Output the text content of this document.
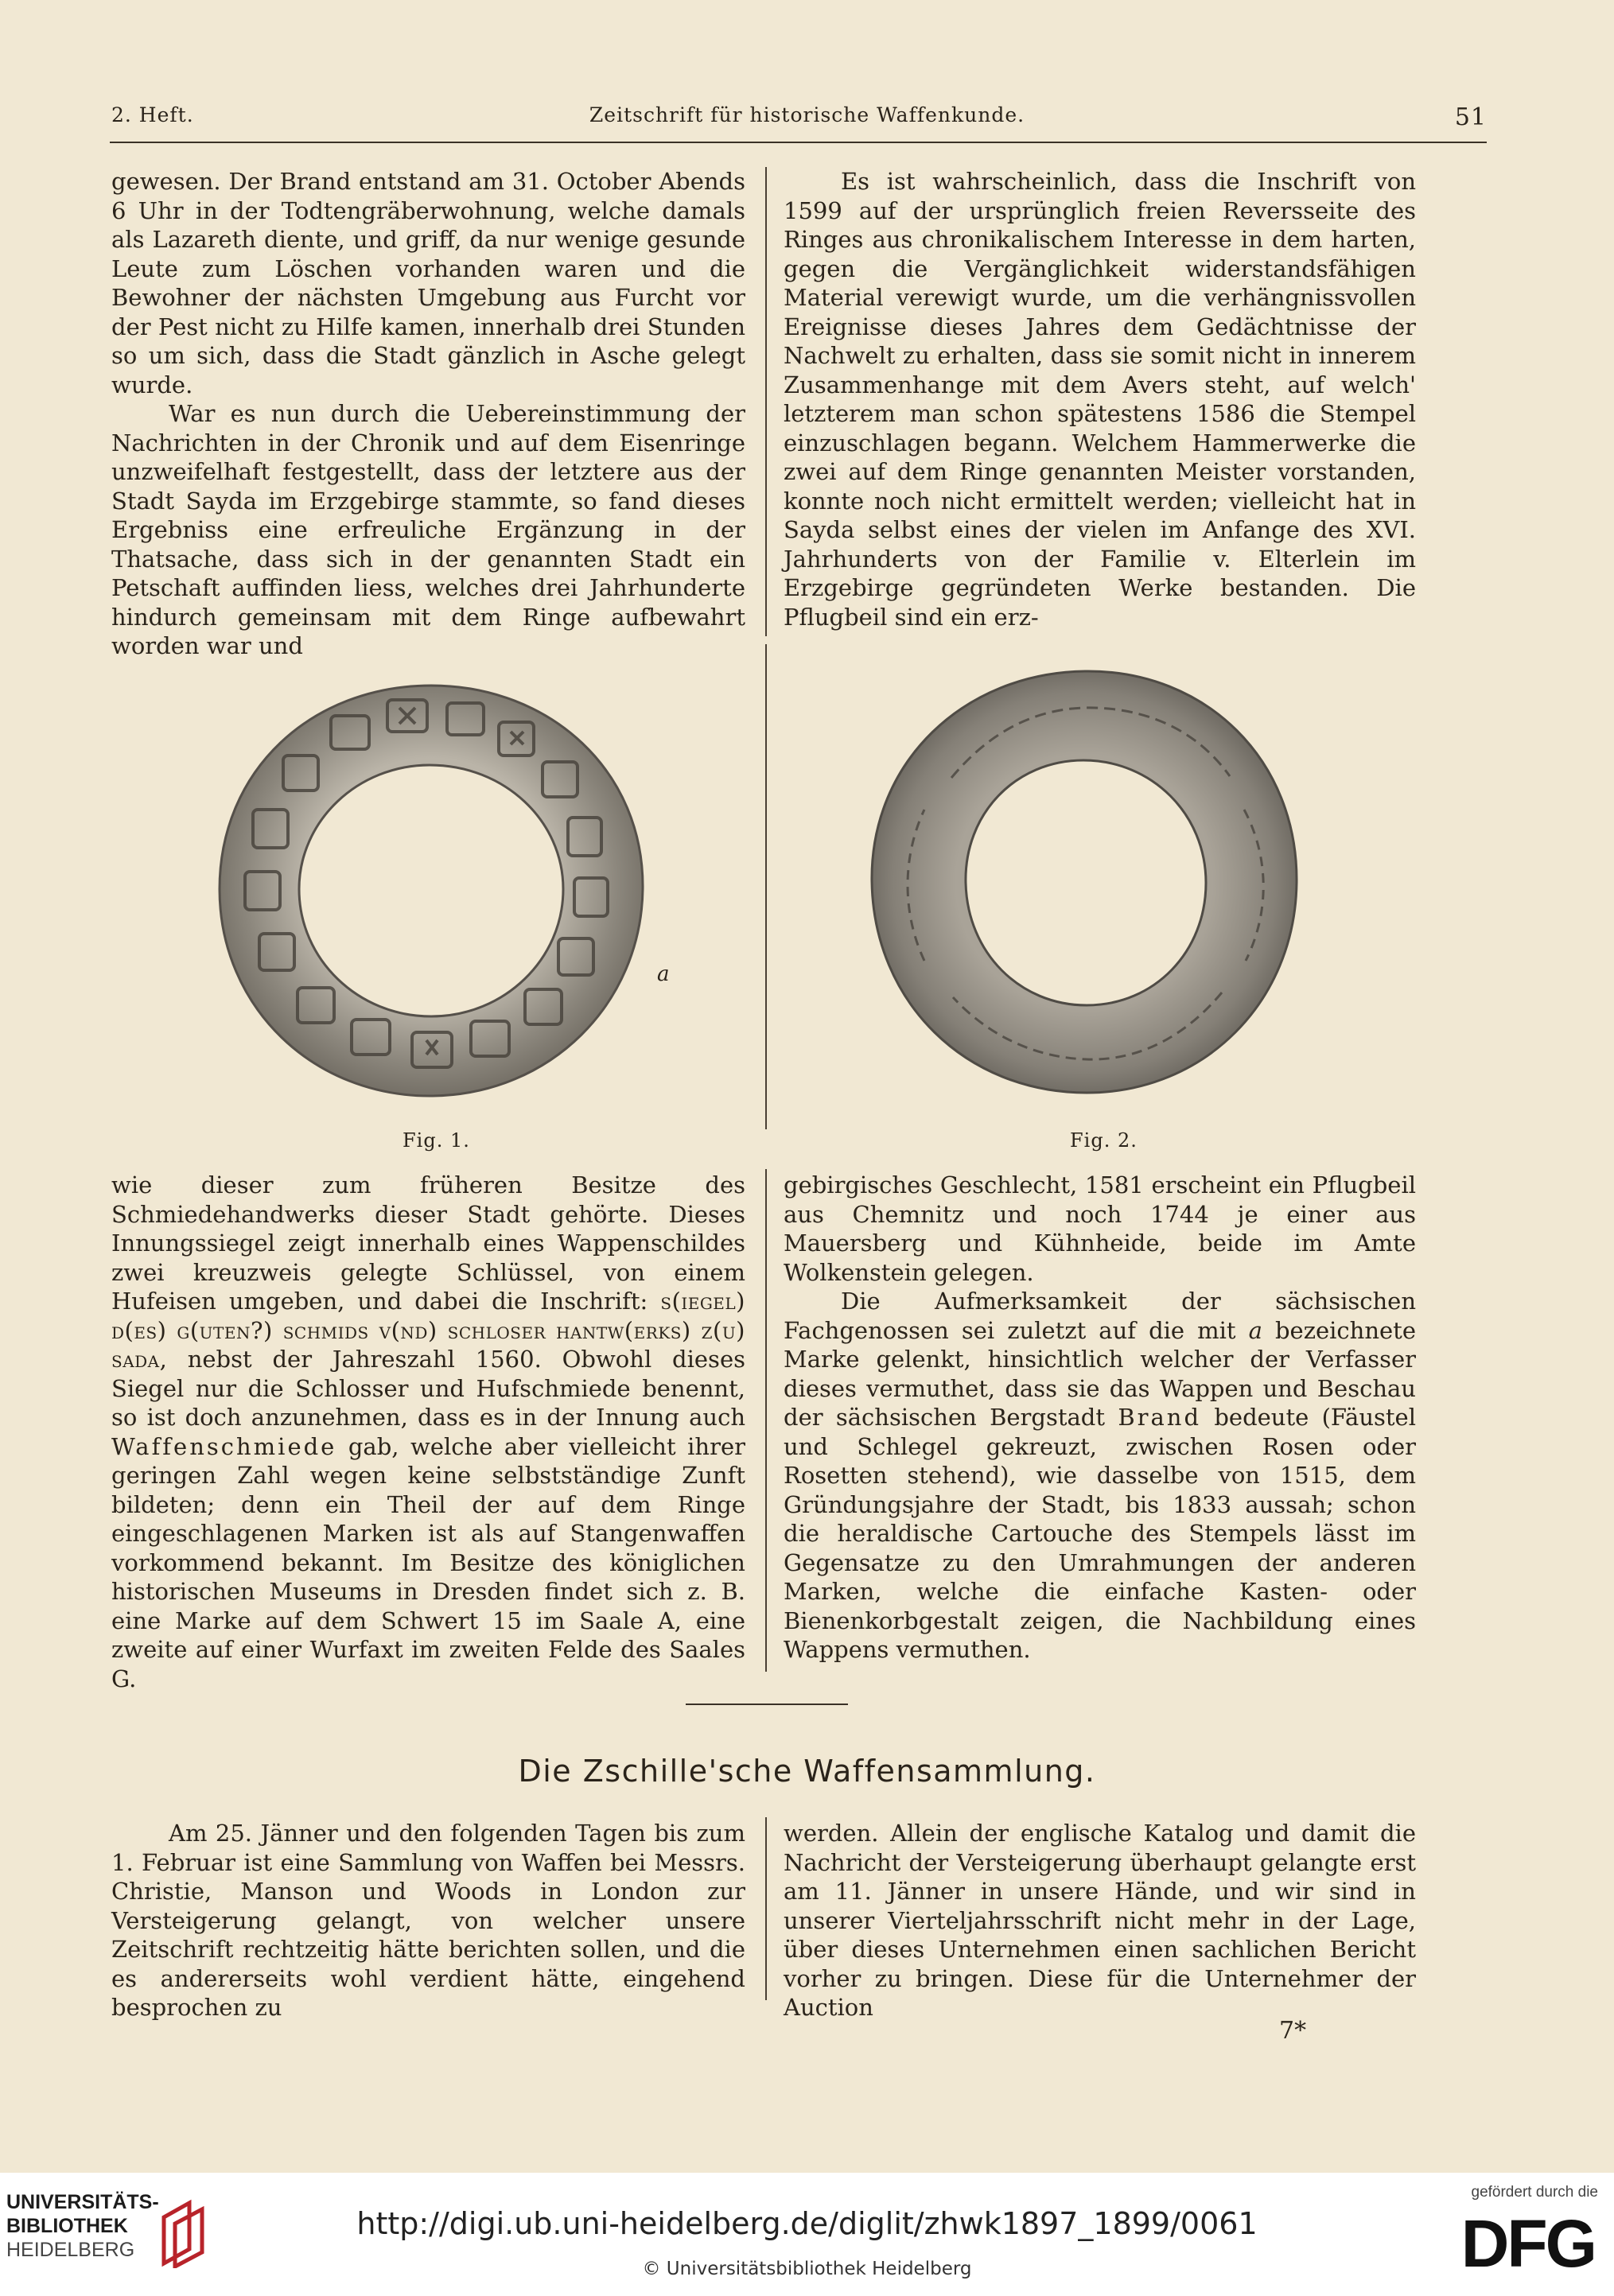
2. Heft.	Zeitschrift für historische Waffenkunde.	51

gewesen. Der Brand entstand am 31. October Abends 6 Uhr in der Todtengräberwohnung, welche damals als Lazareth diente, und griff, da nur wenige gesunde Leute zum Löschen vorhanden waren und die Bewohner der nächsten Umgebung aus Furcht vor der Pest nicht zu Hilfe kamen, innerhalb drei Stunden so um sich, dass die Stadt gänzlich in Asche gelegt wurde.

War es nun durch die Uebereinstimmung der Nachrichten in der Chronik und auf dem Eisenringe unzweifelhaft festgestellt, dass der letztere aus der Stadt Sayda im Erzgebirge stammte, so fand dieses Ergebniss eine erfreuliche Ergänzung in der Thatsache, dass sich in der genannten Stadt ein Petschaft auffinden liess, welches drei Jahrhunderte hindurch gemeinsam mit dem Ringe aufbewahrt worden war und

Es ist wahrscheinlich, dass die Inschrift von 1599 auf der ursprünglich freien Reversseite des Ringes aus chronikalischem Interesse in dem harten, gegen die Vergänglichkeit widerstandsfähigen Material verewigt wurde, um die verhängnissvollen Ereignisse dieses Jahres dem Gedächtnisse der Nachwelt zu erhalten, dass sie somit nicht in innerem Zusammenhange mit dem Avers steht, auf welch' letzterem man schon spätestens 1586 die Stempel einzuschlagen begann. Welchem Hammerwerke die zwei auf dem Ringe genannten Meister vorstanden, konnte noch nicht ermittelt werden; vielleicht hat in Sayda selbst eines der vielen im Anfange des XVI. Jahrhunderts von der Familie v. Elterlein im Erzgebirge gegründeten Werke bestanden. Die Pflugbeil sind ein erz-

a
Fig. 1.	Fig. 2.

wie dieser zum früheren Besitze des Schmiedehandwerks dieser Stadt gehörte. Dieses Innungssiegel zeigt innerhalb eines Wappenschildes zwei kreuzweis gelegte Schlüssel, von einem Hufeisen umgeben, und dabei die Inschrift: s(iegel) d(es) g(uten?) schmids v(nd) schloser hantw(erks) z(u) sada, nebst der Jahreszahl 1560. Obwohl dieses Siegel nur die Schlosser und Hufschmiede benennt, so ist doch anzunehmen, dass es in der Innung auch Waffenschmiede gab, welche aber vielleicht ihrer geringen Zahl wegen keine selbstständige Zunft bildeten; denn ein Theil der auf dem Ringe eingeschlagenen Marken ist als auf Stangenwaffen vorkommend bekannt. Im Besitze des königlichen historischen Museums in Dresden findet sich z. B. eine Marke auf dem Schwert 15 im Saale A, eine zweite auf einer Wurfaxt im zweiten Felde des Saales G.

gebirgisches Geschlecht, 1581 erscheint ein Pflugbeil aus Chemnitz und noch 1744 je einer aus Mauersberg und Kühnheide, beide im Amte Wolkenstein gelegen.

Die Aufmerksamkeit der sächsischen Fachgenossen sei zuletzt auf die mit a bezeichnete Marke gelenkt, hinsichtlich welcher der Verfasser dieses vermuthet, dass sie das Wappen und Beschau der sächsischen Bergstadt Brand bedeute (Fäustel und Schlegel gekreuzt, zwischen Rosen oder Rosetten stehend), wie dasselbe von 1515, dem Gründungsjahre der Stadt, bis 1833 aussah; schon die heraldische Cartouche des Stempels lässt im Gegensatze zu den Umrahmungen der anderen Marken, welche die einfache Kasten- oder Bienenkorbgestalt zeigen, die Nachbildung eines Wappens vermuthen.

Die Zschille'sche Waffensammlung.

Am 25. Jänner und den folgenden Tagen bis zum 1. Februar ist eine Sammlung von Waffen bei Messrs. Christie, Manson und Woods in London zur Versteigerung gelangt, von welcher unsere Zeitschrift rechtzeitig hätte berichten sollen, und die es andererseits wohl verdient hätte, eingehend besprochen zu

werden. Allein der englische Katalog und damit die Nachricht der Versteigerung überhaupt gelangte erst am 11. Jänner in unsere Hände, und wir sind in unserer Vierteljahrsschrift nicht mehr in der Lage, über dieses Unternehmen einen sachlichen Bericht vorher zu bringen. Diese für die Unternehmer der Auction

7*
UNIVERSITÄTS-
BIBLIOTHEK
HEIDELBERG
http://digi.ub.uni-heidelberg.de/diglit/zhwk1897_1899/0061
© Universitätsbibliothek Heidelberg
gefördert durch die
DFG
